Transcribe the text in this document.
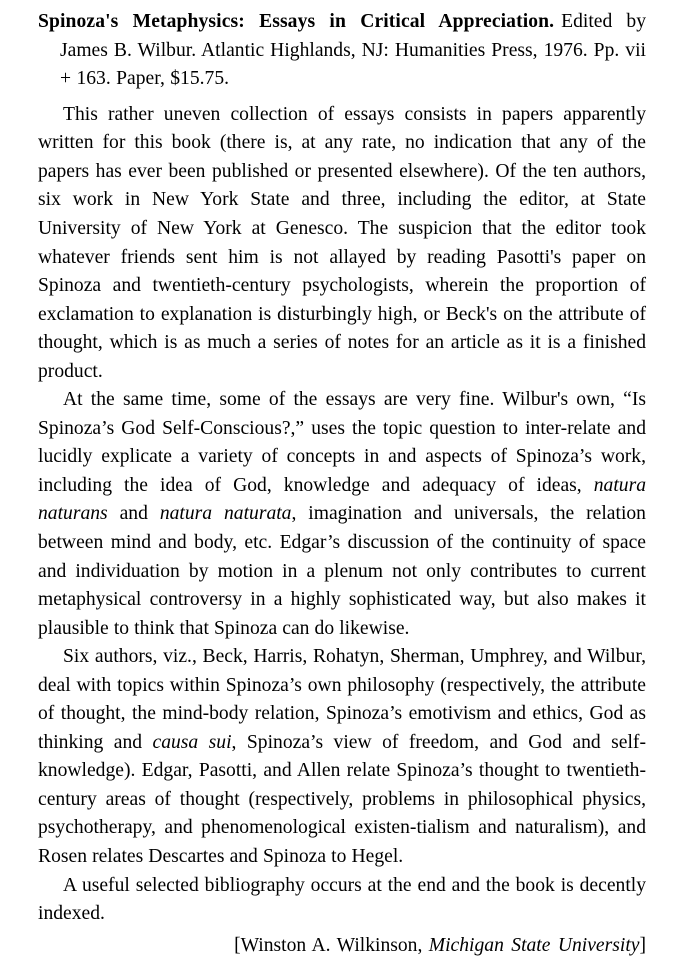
Spinoza's Metaphysics: Essays in Critical Appreciation. Edited by James B. Wilbur. Atlantic Highlands, NJ: Humanities Press, 1976. Pp. vii + 163. Paper, $15.75.

This rather uneven collection of essays consists in papers apparently written for this book (there is, at any rate, no indication that any of the papers has ever been published or presented elsewhere). Of the ten authors, six work in New York State and three, including the editor, at State University of New York at Genesco. The suspicion that the editor took whatever friends sent him is not allayed by reading Pasotti's paper on Spinoza and twentieth-century psychologists, wherein the proportion of exclamation to explanation is disturbingly high, or Beck's on the attribute of thought, which is as much a series of notes for an article as it is a finished product.

At the same time, some of the essays are very fine. Wilbur's own, “Is Spinoza’s God Self-Conscious?,” uses the topic question to inter-relate and lucidly explicate a variety of concepts in and aspects of Spinoza’s work, including the idea of God, knowledge and adequacy of ideas, natura naturans and natura naturata, imagination and universals, the relation between mind and body, etc. Edgar’s discussion of the continuity of space and individuation by motion in a plenum not only contributes to current metaphysical controversy in a highly sophisticated way, but also makes it plausible to think that Spinoza can do likewise.

Six authors, viz., Beck, Harris, Rohatyn, Sherman, Umphrey, and Wilbur, deal with topics within Spinoza’s own philosophy (respectively, the attribute of thought, the mind-body relation, Spinoza’s emotivism and ethics, God as thinking and causa sui, Spinoza’s view of freedom, and God and self-knowledge). Edgar, Pasotti, and Allen relate Spinoza’s thought to twentieth-century areas of thought (respectively, problems in philosophical physics, psychotherapy, and phenomenological existen-tialism and naturalism), and Rosen relates Descartes and Spinoza to Hegel.

A useful selected bibliography occurs at the end and the book is decently indexed.

[Winston A. Wilkinson, Michigan State University]
